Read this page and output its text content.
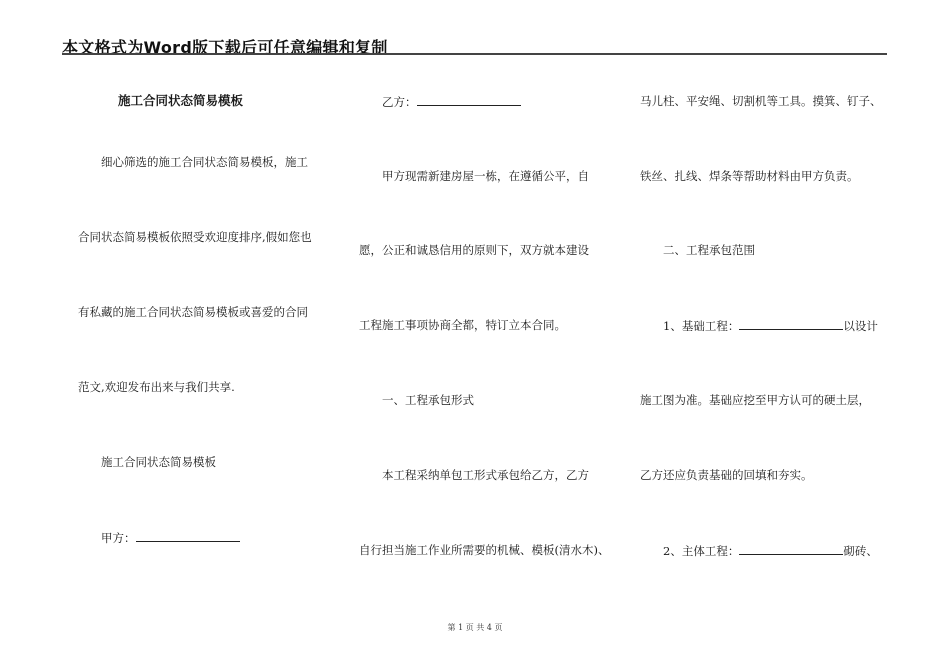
本文格式为Word版下载后可任意编辑和复制
施工合同状态简易模板
细心筛选的施工合同状态简易模板，施工
合同状态简易模板依照受欢迎度排序,假如您也
有私藏的施工合同状态简易模板或喜爱的合同
范文,欢迎发布出来与我们共享.
施工合同状态简易模板
甲方：
乙方：
甲方现需新建房屋一栋，在遵循公平，自
愿，公正和诚恳信用的原则下，双方就本建设
工程施工事项协商全都，特订立本合同。
一、工程承包形式
本工程采纳单包工形式承包给乙方，乙方
自行担当施工作业所需要的机械、模板(清水木)、
马儿柱、平安绳、切割机等工具。摸箕、钉子、
铁丝、扎线、焊条等帮助材料由甲方负责。
二、工程承包范围
1、基础工程：	以设计
施工图为准。基础应挖至甲方认可的硬土层，
乙方还应负责基础的回填和夯实。
2、主体工程：	砌砖、
第 1 页 共 4 页
